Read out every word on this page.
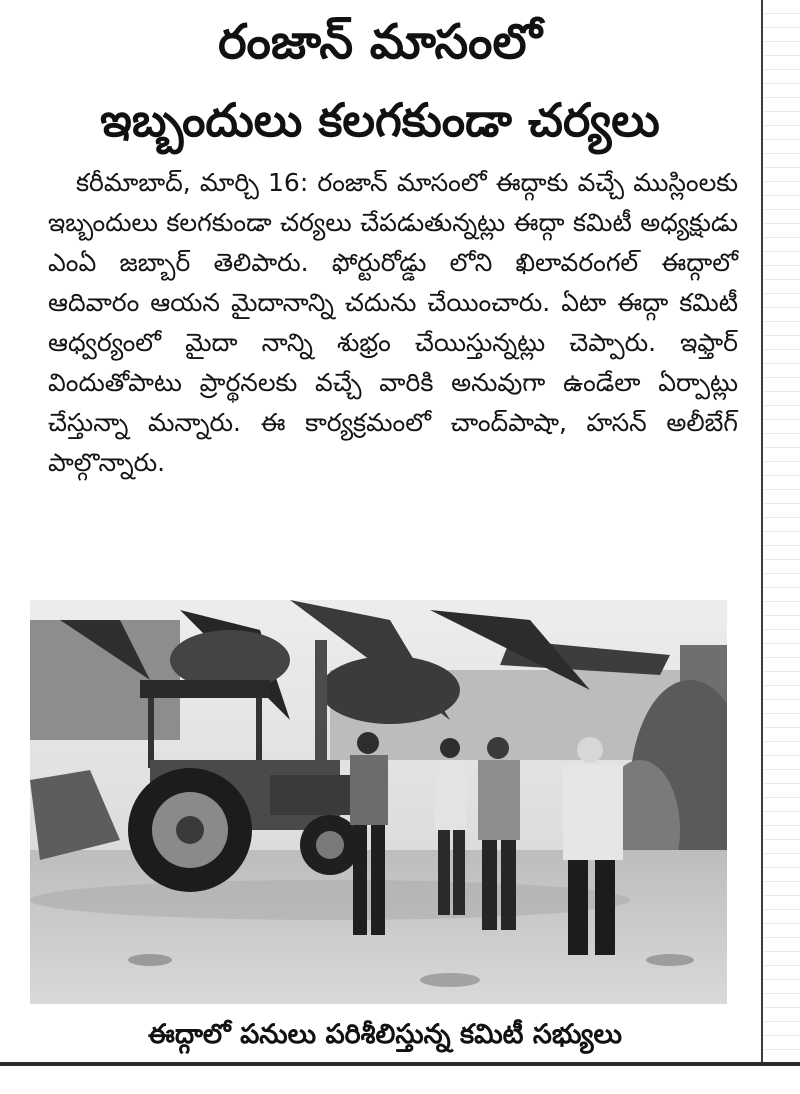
రంజాన్ మాసంలో
ఇబ్బందులు కలగకుండా చర్యలు

కరీమాబాద్, మార్చి 16: రంజాన్ మాసంలో ఈద్గాకు వచ్చే ముస్లింలకు ఇబ్బందులు కలగకుండా చర్యలు చేపడుతున్నట్లు ఈద్గా కమిటీ అధ్యక్షుడు ఎంఏ జబ్బార్ తెలిపారు. ఫోర్టురోడ్డు లోని ఖిలావరంగల్ ఈద్గాలో ఆదివారం ఆయన మైదానాన్ని చదును చేయించారు. ఏటా ఈద్గా కమిటీ ఆధ్వర్యంలో మైదా నాన్ని శుభ్రం చేయిస్తున్నట్లు చెప్పారు. ఇఫ్తార్ విందుతోపాటు ప్రార్థనలకు వచ్చే వారికి అనువుగా ఉండేలా ఏర్పాట్లు చేస్తున్నా మన్నారు. ఈ కార్యక్రమంలో చాంద్‌పాషా, హసన్ అలీబేగ్ పాల్గొన్నారు.

ఈద్గాలో పనులు పరిశీలిస్తున్న కమిటీ సభ్యులు
